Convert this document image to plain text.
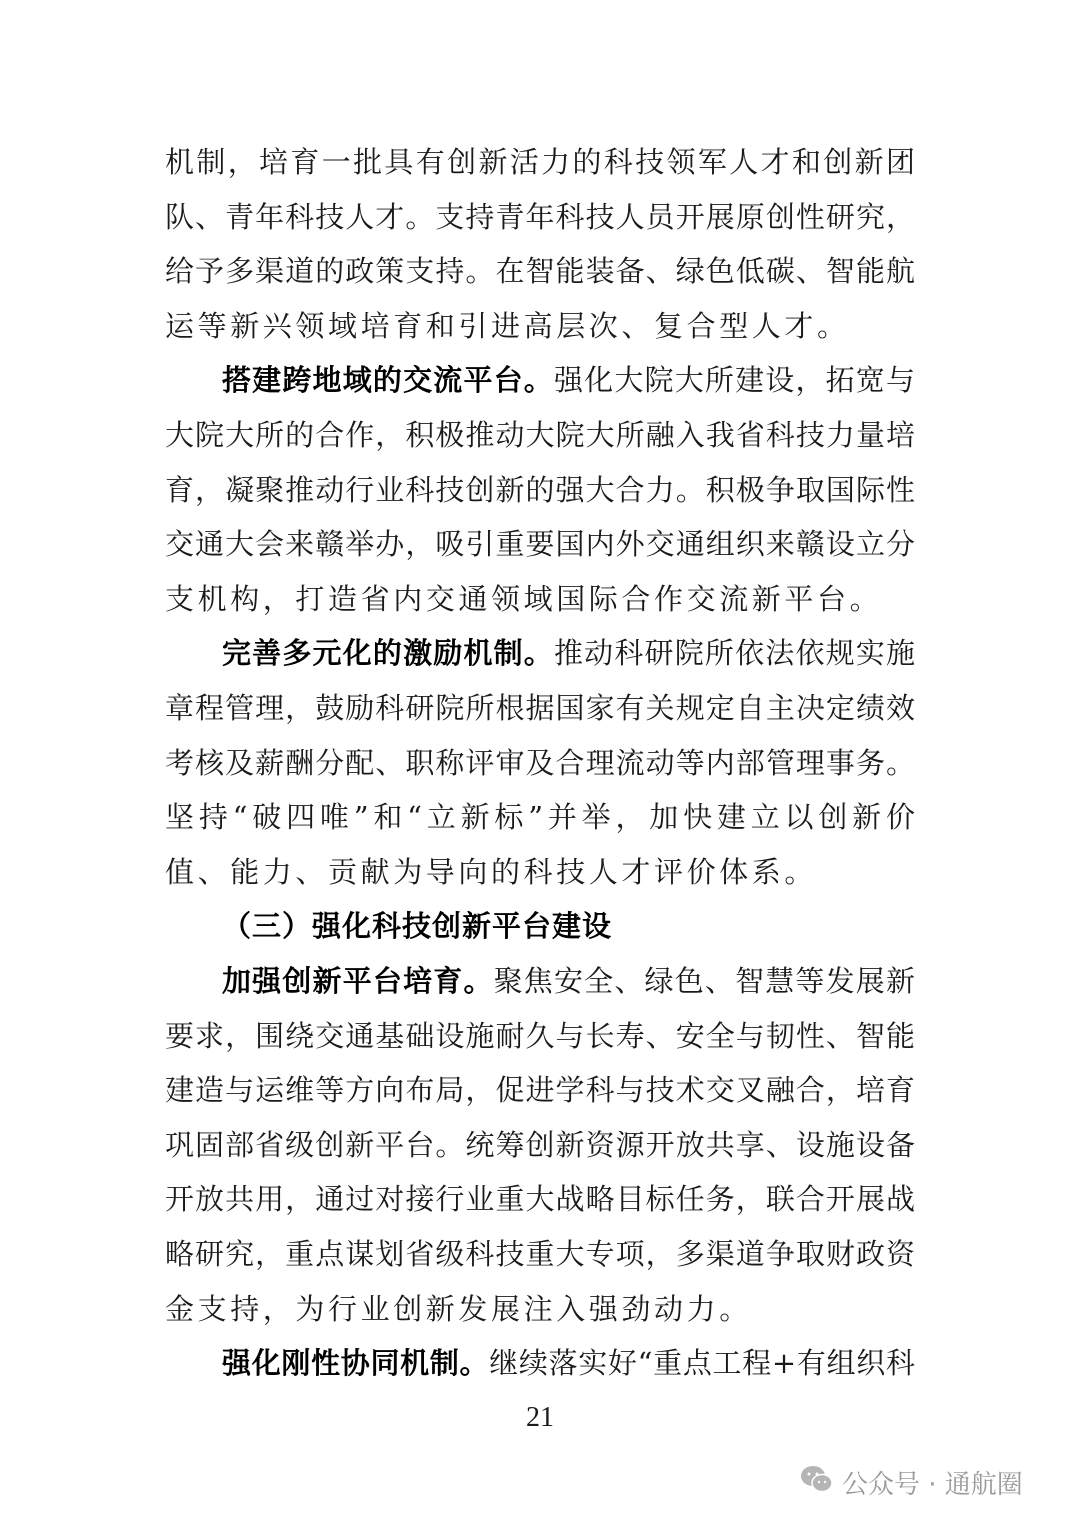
机制，培育一批具有创新活力的科技领军人才和创新团
队、青年科技人才。支持青年科技人员开展原创性研究，
给予多渠道的政策支持。在智能装备、绿色低碳、智能航
运等新兴领域培育和引进高层次、复合型人才。
搭建跨地域的交流平台。强化大院大所建设，拓宽与
大院大所的合作，积极推动大院大所融入我省科技力量培
育，凝聚推动行业科技创新的强大合力。积极争取国际性
交通大会来赣举办，吸引重要国内外交通组织来赣设立分
支机构，打造省内交通领域国际合作交流新平台。
完善多元化的激励机制。推动科研院所依法依规实施
章程管理，鼓励科研院所根据国家有关规定自主决定绩效
考核及薪酬分配、职称评审及合理流动等内部管理事务。
坚持“破四唯”和“立新标”并举，加快建立以创新价
值、能力、贡献为导向的科技人才评价体系。
（三）强化科技创新平台建设
加强创新平台培育。聚焦安全、绿色、智慧等发展新
要求，围绕交通基础设施耐久与长寿、安全与韧性、智能
建造与运维等方向布局，促进学科与技术交叉融合，培育
巩固部省级创新平台。统筹创新资源开放共享、设施设备
开放共用，通过对接行业重大战略目标任务，联合开展战
略研究，重点谋划省级科技重大专项，多渠道争取财政资
金支持，为行业创新发展注入强劲动力。
强化刚性协同机制。继续落实好“重点工程+有组织科
21
公众号 · 通航圈
